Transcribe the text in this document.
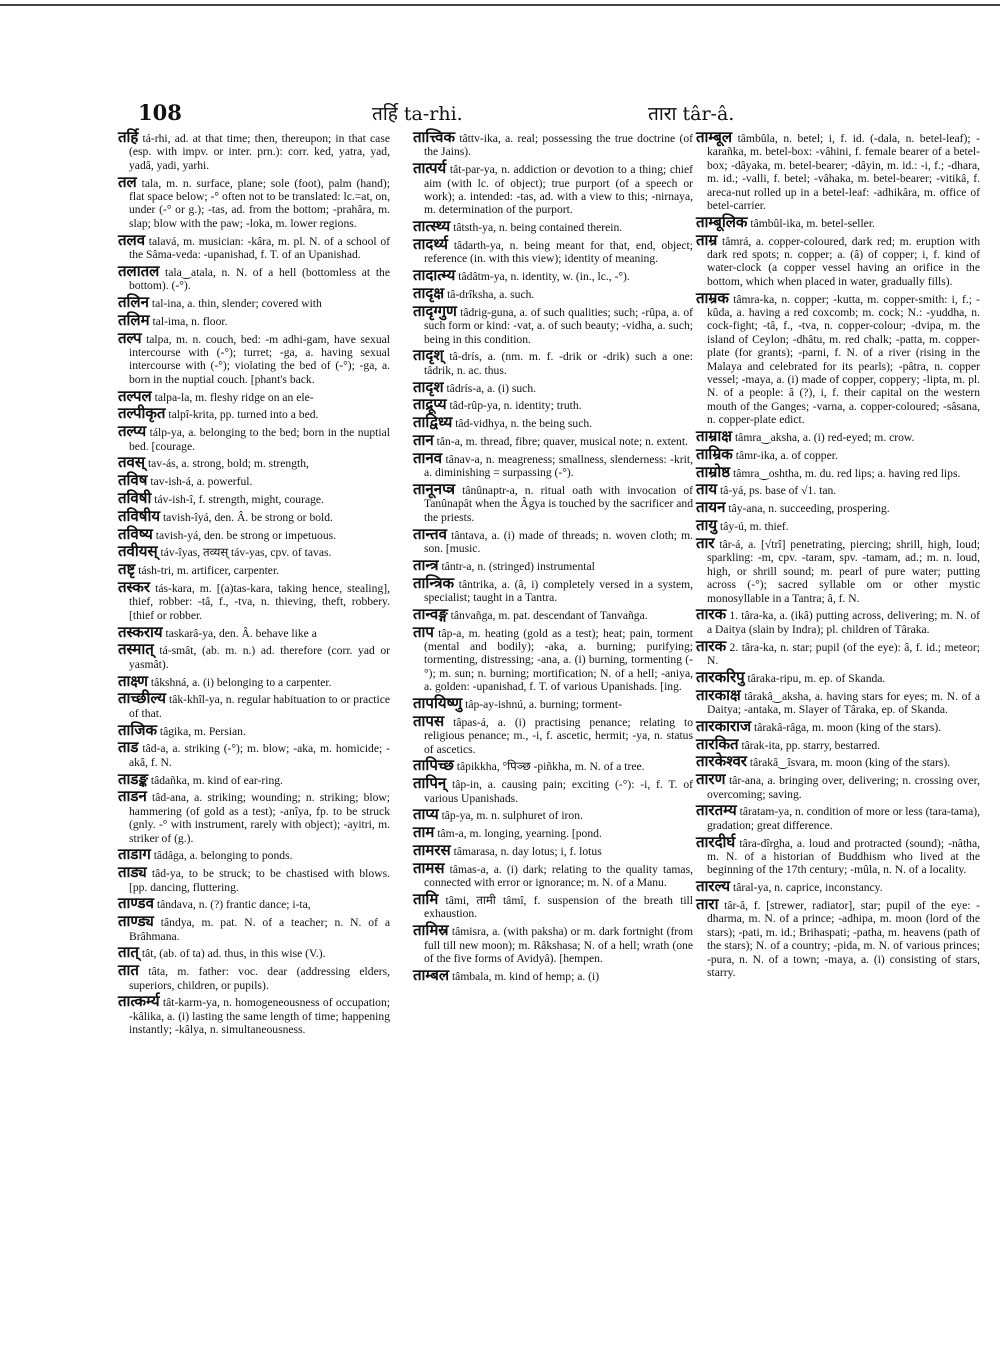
108	तर्हि ta-rhi.	तारा târ-â.
तर्हि tá-rhi, ad. at that time; then, thereupon; in that case (esp. with impv. or inter. prn.): corr. ked, yatra, yad, yadâ, yadi, yarhi.
तल tala, m. n. surface, plane; sole (foot), palm (hand); flat space below; -° often not to be translated: lc.=at, on, under (-° or g.); -tas, ad. from the bottom; -prahâra, m. slap; blow with the paw; -loka, m. lower regions.
तलव talavá, m. musician: -kâra, m. pl. N. of a school of the Sâma-veda: -upanishad, f. T. of an Upanishad.
तलातल tala‿atala, n. N. of a hell (bottomless at the bottom). (-°).
तलिन tal-ina, a. thin, slender; covered with
तलिम tal-ima, n. floor.
तल्प talpa, m. n. couch, bed: -m adhi-gam, have sexual intercourse with (-°); turret; -ga, a. having sexual intercourse with (-°); violating the bed of (-°); -ga, a. born in the nuptial couch. [phant's back.
तल्पल talpa-la, m. fleshy ridge on an ele-
तल्पीकृत talpî-krita, pp. turned into a bed.
तल्प्य tálp-ya, a. belonging to the bed; born in the nuptial bed. [courage.
तवस् tav-ás, a. strong, bold; m. strength,
तविष tav-ish-á, a. powerful.
तविषी táv-ish-î, f. strength, might, courage.
तविषीय tavish-îyá, den. Â. be strong or bold.
तविष्य tavish-yá, den. be strong or impetuous.
तवीयस् táv-îyas, तव्यस् táv-yas, cpv. of tavas.
तष्टृ tásh-tri, m. artificer, carpenter.
तस्कर tás-kara, m. [(a)tas-kara, taking hence, stealing], thief, robber: -tâ, f., -tva, n. thieving, theft, robbery. [thief or robber.
तस्कराय taskarâ-ya, den. Â. behave like a
तस्मात् tá-smât, (ab. m. n.) ad. therefore (corr. yad or yasmât).
ताक्ष्ण tâkshná, a. (i) belonging to a carpenter.
ताच्छील्य tâk-khîl-ya, n. regular habituation to or practice of that.
ताजिक tâgika, m. Persian.
ताड tâd-a, a. striking (-°); m. blow; -aka, m. homicide; -akâ, f. N.
ताडङ्क tâdañka, m. kind of ear-ring.
ताडन tâd-ana, a. striking; wounding; n. striking; blow; hammering (of gold as a test); -anîya, fp. to be struck (gnly. -° with instrument, rarely with object); -ayitri, m. striker of (g.).
ताडाग tâdâga, a. belonging to ponds.
ताड्य tâd-ya, to be struck; to be chastised with blows. [pp. dancing, fluttering.
ताण्डव tândava, n. (?) frantic dance; i-ta,
ताण्ड्य tândya, m. pat. N. of a teacher; n. N. of a Brâhmana.
तात् tât, (ab. of ta) ad. thus, in this wise (V.).
तात tâta, m. father: voc. dear (addressing elders, superiors, children, or pupils).
तात्कर्म्य tât-karm-ya, n. homogeneousness of occupation; -kâlika, a. (i) lasting the same length of time; happening instantly; -kâlya, n. simultaneousness.
तात्त्विक tâttv-ika, a. real; possessing the true doctrine (of the Jains).
तात्पर्य tât-par-ya, n. addiction or devotion to a thing; chief aim (with lc. of object); true purport (of a speech or work); a. intended: -tas, ad. with a view to this; -nirnaya, m. determination of the purport.
तात्स्थ्य tâtsth-ya, n. being contained therein.
तादर्थ्य tâdarth-ya, n. being meant for that, end, object; reference (in. with this view); identity of meaning.
तादात्म्य tâdâtm-ya, n. identity, w. (in., lc., -°).
तादृक्ष tâ-drîksha, a. such.
तादृग्गुण tâdrig-guna, a. of such qualities; such; -rûpa, a. of such form or kind: -vat, a. of such beauty; -vidha, a. such; being in this condition.
तादृश् tâ-drís, a. (nm. m. f. -drik or -drik) such a one: tâdrik, n. ac. thus.
तादृश tâdrís-a, a. (i) such.
ताद्रूप्य tâd-rûp-ya, n. identity; truth.
ताद्विध्य tâd-vidhya, n. the being such.
तान tân-a, m. thread, fibre; quaver, musical note; n. extent.
तानव tânav-a, n. meagreness; smallness, slenderness: -krit, a. diminishing = surpassing (-°).
तानूनप्त्र tânûnaptr-a, n. ritual oath with invocation of Tanûnapât when the Âgya is touched by the sacrificer and the priests.
तान्तव tântava, a. (i) made of threads; n. woven cloth; m. son. [music.
तान्त्र tântr-a, n. (stringed) instrumental
तान्त्रिक tântrika, a. (â, i) completely versed in a system, specialist; taught in a Tantra.
तान्वङ्ग tânvañga, m. pat. descendant of Tanvañga.
ताप tâp-a, m. heating (gold as a test); heat; pain, torment (mental and bodily); -aka, a. burning; purifying; tormenting, distressing; -ana, a. (i) burning, tormenting (-°); m. sun; n. burning; mortification; N. of a hell; -aniya, a. golden: -upanishad, f. T. of various Upanishads. [ing.
तापयिष्णु tâp-ay-ishnú, a. burning; torment-
तापस tâpas-á, a. (i) practising penance; relating to religious penance; m., -i, f. ascetic, hermit; -ya, n. status of ascetics.
तापिच्छ tâpikkha, °पिञ्छ -piñkha, m. N. of a tree.
तापिन् tâp-in, a. causing pain; exciting (-°): -i, f. T. of various Upanishads.
ताप्य tâp-ya, m. n. sulphuret of iron.
ताम tâm-a, m. longing, yearning. [pond.
तामरस tâmarasa, n. day lotus; i, f. lotus
तामस tâmas-a, a. (i) dark; relating to the quality tamas, connected with error or ignorance; m. N. of a Manu.
तामि tâmi, तामी tâmî, f. suspension of the breath till exhaustion.
तामिस्र tâmisra, a. (with paksha) or m. dark fortnight (from full till new moon); m. Râkshasa; N. of a hell; wrath (one of the five forms of Avidyâ). [hempen.
ताम्बल tâmbala, m. kind of hemp; a. (i)
ताम्बूल tâmbûla, n. betel; i, f. id. (-dala, n. betel-leaf); -karañka, m. betel-box: -vâhini, f. female bearer of a betel-box; -dâyaka, m. betel-bearer; -dâyin, m. id.: -i, f.; -dhara, m. id.; -valli, f. betel; -vâhaka, m. betel-bearer; -vitikâ, f. areca-nut rolled up in a betel-leaf: -adhikâra, m. office of betel-carrier.
ताम्बूलिक tâmbûl-ika, m. betel-seller.
ताम्र tâmrá, a. copper-coloured, dark red; m. eruption with dark red spots; n. copper; a. (â) of copper; i, f. kind of water-clock (a copper vessel having an orifice in the bottom, which when placed in water, gradually fills).
ताम्रक tâmra-ka, n. copper; -kutta, m. copper-smith: i, f.; -kûda, a. having a red coxcomb; m. cock; N.: -yuddha, n. cock-fight; -tâ, f., -tva, n. copper-colour; -dvipa, m. the island of Ceylon; -dhâtu, m. red chalk; -patta, m. copper-plate (for grants); -parni, f. N. of a river (rising in the Malaya and celebrated for its pearls); -pâtra, n. copper vessel; -maya, a. (i) made of copper, coppery; -lipta, m. pl. N. of a people: â (?), i, f. their capital on the western mouth of the Ganges; -varna, a. copper-coloured; -sâsana, n. copper-plate edict.
ताम्राक्ष tâmra‿aksha, a. (i) red-eyed; m. crow.
ताम्रिक tâmr-ika, a. of copper.
ताम्रोष्ठ tâmra‿oshtha, m. du. red lips; a. having red lips.
ताय tâ-yá, ps. base of √1. tan.
तायन tây-ana, n. succeeding, prospering.
तायु tây-ú, m. thief.
तार târ-á, a. [√trî] penetrating, piercing; shrill, high, loud; sparkling: -m, cpv. -taram, spv. -tamam, ad.; m. n. loud, high, or shrill sound; m. pearl of pure water; putting across (-°); sacred syllable om or other mystic monosyllable in a Tantra; â, f. N.
तारक 1. târa-ka, a. (ikâ) putting across, delivering; m. N. of a Daitya (slain by Indra); pl. children of Târaka.
तारक 2. târa-ka, n. star; pupil (of the eye): â, f. id.; meteor; N.
तारकरिपु târaka-ripu, m. ep. of Skanda.
तारकाक्ष târakâ‿aksha, a. having stars for eyes; m. N. of a Daitya; -antaka, m. Slayer of Târaka, ep. of Skanda.
तारकाराज târakâ-râga, m. moon (king of the stars).
तारकित târak-ita, pp. starry, bestarred.
तारकेश्वर târakâ‿îsvara, m. moon (king of the stars).
तारण târ-ana, a. bringing over, delivering; n. crossing over, overcoming; saving.
तारतम्य târatam-ya, n. condition of more or less (tara-tama), gradation; great difference.
तारदीर्घ târa-dîrgha, a. loud and protracted (sound); -nâtha, m. N. of a historian of Buddhism who lived at the beginning of the 17th century; -mûla, n. N. of a locality.
तारल्य târal-ya, n. caprice, inconstancy.
तारा târ-â, f. [strewer, radiator], star; pupil of the eye: -dharma, m. N. of a prince; -adhipa, m. moon (lord of the stars); -pati, m. id.; Brihaspati; -patha, m. heavens (path of the stars); N. of a country; -pida, m. N. of various princes; -pura, n. N. of a town; -maya, a. (i) consisting of stars, starry.
